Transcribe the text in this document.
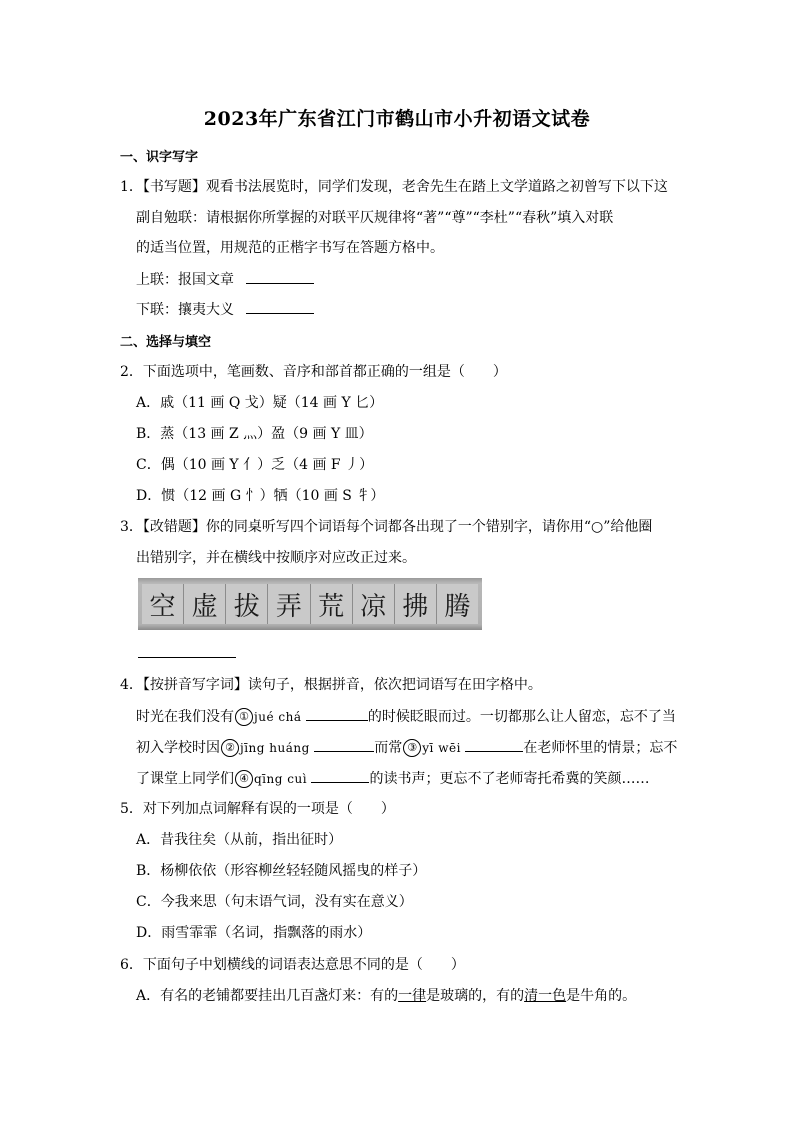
2023年广东省江门市鹤山市小升初语文试卷
一、识字写字
1．【书写题】观看书法展览时，同学们发现，老舍先生在踏上文学道路之初曾写下以下这
副自勉联：请根据你所掌握的对联平仄规律将“著”“尊”“李杜”“春秋”填入对联
的适当位置，用规范的正楷字书写在答题方格中。
上联：报国文章
下联：攘夷大义
二、选择与填空
2．下面选项中，笔画数、音序和部首都正确的一组是（　　）
A．戚（11 画 Q 戈）疑（14 画 Y 匕）
B．蒸（13 画 Z 灬）盈（9 画 Y 皿）
C．偶（10 画 Y 亻）乏（4 画 F 丿）
D．惯（12 画 G 忄）牺（10 画 S 牜）
3．【改错题】你的同桌听写四个词语每个词都各出现了一个错别字，请你用“○”给他圈
出错别字，并在横线中按顺序对应改正过来。
空 虚 拔 弄 荒 凉 拂 腾
4．【按拼音写字词】读句子，根据拼音，依次把词语写在田字格中。
时光在我们没有 ① jué chá	的时候眨眼而过。一切都那么让人留恋，忘不了当
初入学校时因 ② jīng huáng	而常 ③ yī wēi	在老师怀里的情景；忘不
了课堂上同学们 ④ qīng cuì	的读书声；更忘不了老师寄托希冀的笑颜……
5．对下列加点词解释有误的一项是（　　）
A．昔我往矣（从前，指出征时）
B．杨柳依依（形容柳丝轻轻随风摇曳的样子）
C．今我来思（句末语气词，没有实在意义）
D．雨雪霏霏（名词，指飘落的雨水）
6．下面句子中划横线的词语表达意思不同的是（　　）
A．有名的老铺都要挂出几百盏灯来：有的一律是玻璃的，有的清一色是牛角的。
